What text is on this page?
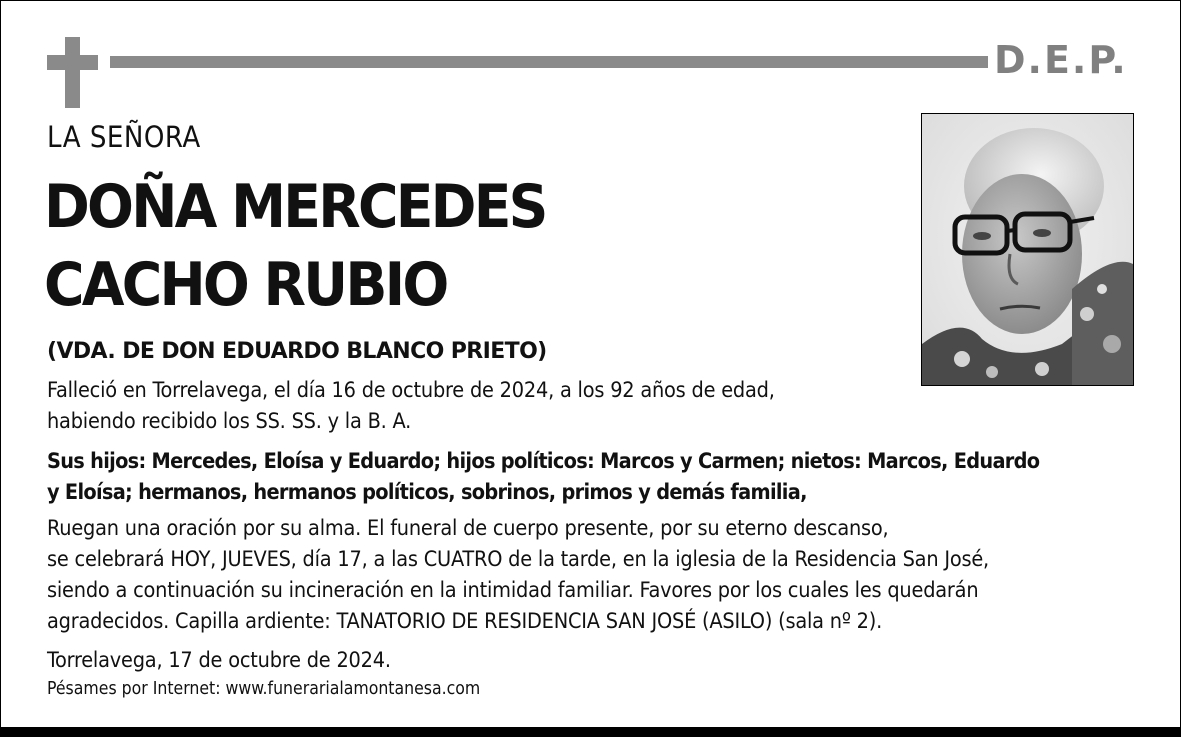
D.E.P.
LA SEÑORA
DOÑA MERCEDES
CACHO RUBIO
(VDA. DE DON EDUARDO BLANCO PRIETO)
Falleció en Torrelavega, el día 16 de octubre de 2024, a los 92 años de edad,
habiendo recibido los SS. SS. y la B. A.
Sus hijos: Mercedes, Eloísa y Eduardo; hijos políticos: Marcos y Carmen; nietos: Marcos, Eduardo
y Eloísa; hermanos, hermanos políticos, sobrinos, primos y demás familia,
Ruegan una oración por su alma. El funeral de cuerpo presente, por su eterno descanso,
se celebrará HOY, JUEVES, día 17, a las CUATRO de la tarde, en la iglesia de la Residencia San José,
siendo a continuación su incineración en la intimidad familiar. Favores por los cuales les quedarán
agradecidos. Capilla ardiente: TANATORIO DE RESIDENCIA SAN JOSÉ (ASILO) (sala nº 2).
Torrelavega, 17 de octubre de 2024.
Pésames por Internet: www.funerarialamontanesa.com
